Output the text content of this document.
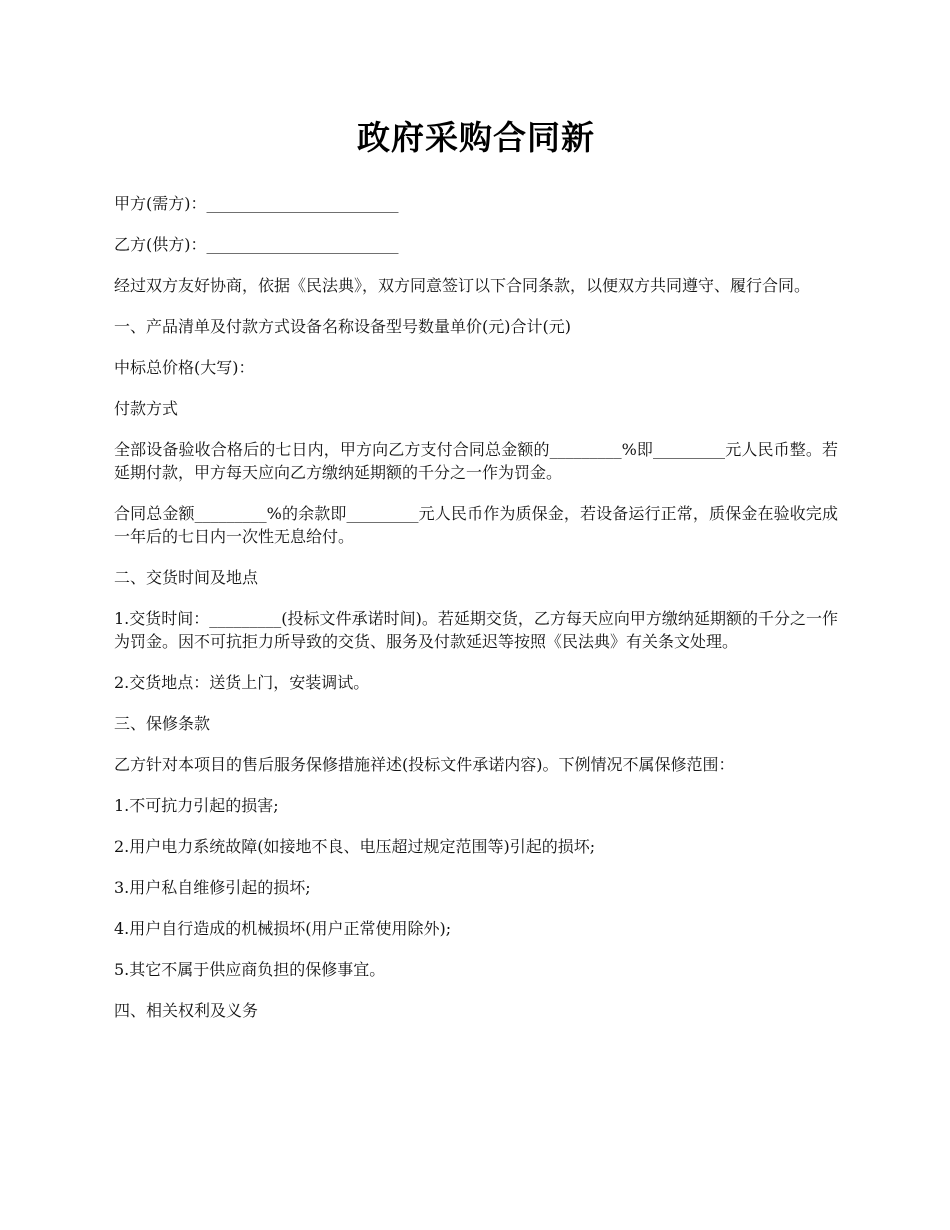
政府采购合同新

甲方(需方)：________________________

乙方(供方)：________________________

经过双方友好协商，依据《民法典》，双方同意签订以下合同条款，以便双方共同遵守、履行合同。

一、产品清单及付款方式设备名称设备型号数量单价(元)合计(元)

中标总价格(大写)：

付款方式

全部设备验收合格后的七日内，甲方向乙方支付合同总金额的_________%即_________元人民币整。若延期付款，甲方每天应向乙方缴纳延期额的千分之一作为罚金。

合同总金额_________%的余款即_________元人民币作为质保金，若设备运行正常，质保金在验收完成一年后的七日内一次性无息给付。

二、交货时间及地点

1.交货时间：_________(投标文件承诺时间)。若延期交货，乙方每天应向甲方缴纳延期额的千分之一作为罚金。因不可抗拒力所导致的交货、服务及付款延迟等按照《民法典》有关条文处理。

2.交货地点：送货上门，安装调试。

三、保修条款

乙方针对本项目的售后服务保修措施祥述(投标文件承诺内容)。下例情况不属保修范围：

1.不可抗力引起的损害;

2.用户电力系统故障(如接地不良、电压超过规定范围等)引起的损坏;

3.用户私自维修引起的损坏;

4.用户自行造成的机械损坏(用户正常使用除外);

5.其它不属于供应商负担的保修事宜。

四、相关权利及义务
